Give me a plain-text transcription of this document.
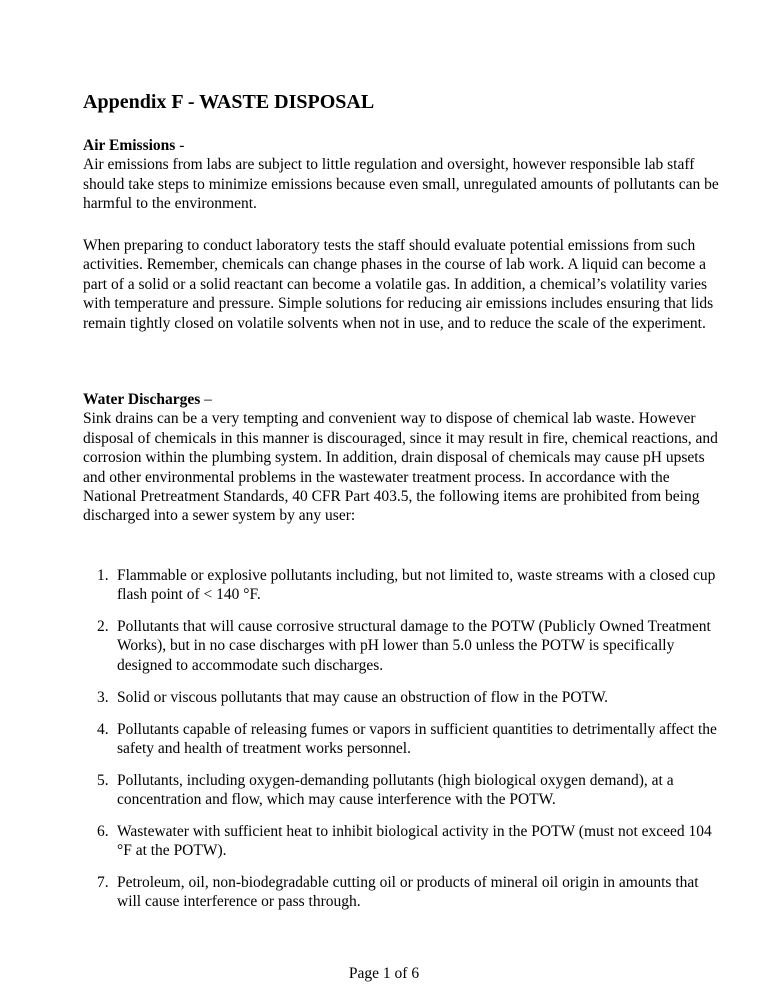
Appendix F - WASTE DISPOSAL

Air Emissions -

Air emissions from labs are subject to little regulation and oversight, however responsible lab staff should take steps to minimize emissions because even small, unregulated amounts of pollutants can be harmful to the environment.

When preparing to conduct laboratory tests the staff should evaluate potential emissions from such activities. Remember, chemicals can change phases in the course of lab work. A liquid can become a part of a solid or a solid reactant can become a volatile gas. In addition, a chemical’s volatility varies with temperature and pressure. Simple solutions for reducing air emissions includes ensuring that lids remain tightly closed on volatile solvents when not in use, and to reduce the scale of the experiment.

Water Discharges –

Sink drains can be a very tempting and convenient way to dispose of chemical lab waste. However disposal of chemicals in this manner is discouraged, since it may result in fire, chemical reactions, and corrosion within the plumbing system. In addition, drain disposal of chemicals may cause pH upsets and other environmental problems in the wastewater treatment process. In accordance with the National Pretreatment Standards, 40 CFR Part 403.5, the following items are prohibited from being discharged into a sewer system by any user:

1. Flammable or explosive pollutants including, but not limited to, waste streams with a closed cup flash point of < 140 °F.
2. Pollutants that will cause corrosive structural damage to the POTW (Publicly Owned Treatment Works), but in no case discharges with pH lower than 5.0 unless the POTW is specifically designed to accommodate such discharges.
3. Solid or viscous pollutants that may cause an obstruction of flow in the POTW.
4. Pollutants capable of releasing fumes or vapors in sufficient quantities to detrimentally affect the safety and health of treatment works personnel.
5. Pollutants, including oxygen-demanding pollutants (high biological oxygen demand), at a concentration and flow, which may cause interference with the POTW.
6. Wastewater with sufficient heat to inhibit biological activity in the POTW (must not exceed 104 °F at the POTW).
7. Petroleum, oil, non-biodegradable cutting oil or products of mineral oil origin in amounts that will cause interference or pass through.
Page 1 of 6
